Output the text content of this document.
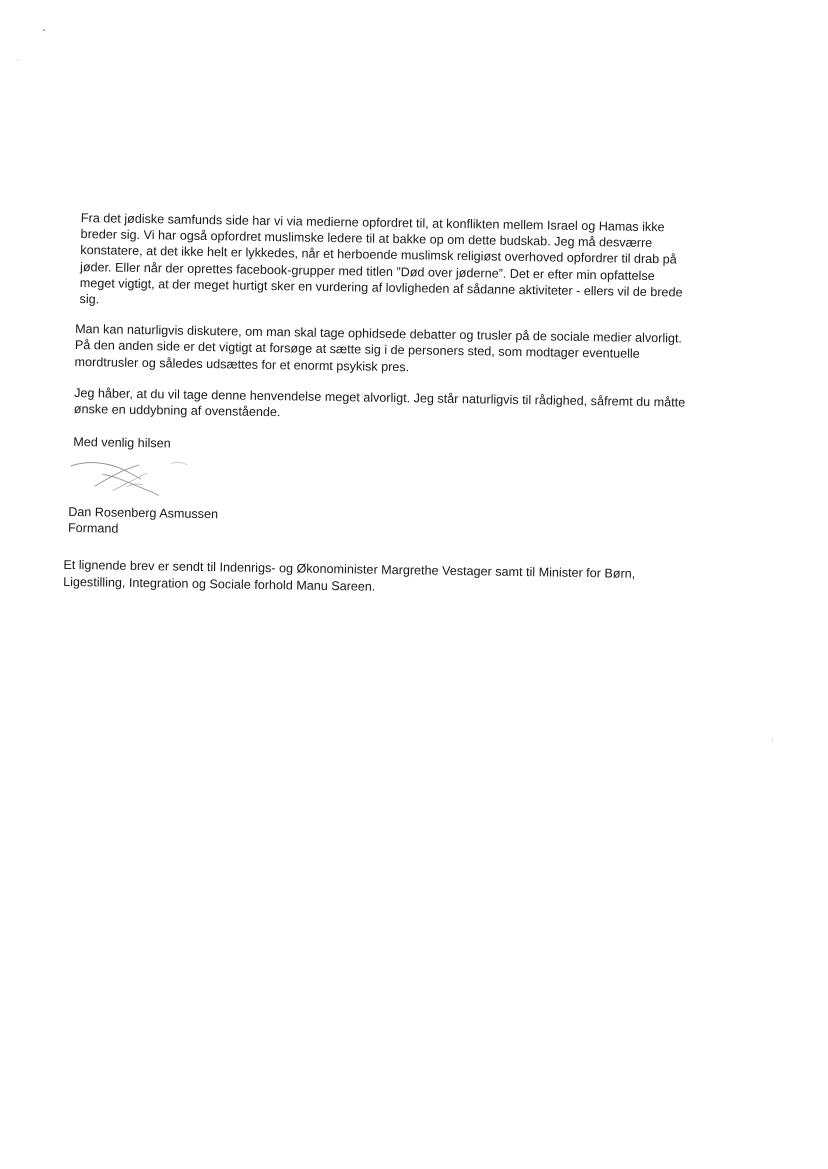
Fra det jødiske samfunds side har vi via medierne opfordret til, at konflikten mellem Israel og Hamas ikke
breder sig. Vi har også opfordret muslimske ledere til at bakke op om dette budskab. Jeg må desværre
konstatere, at det ikke helt er lykkedes, når et herboende muslimsk religiøst overhoved opfordrer til drab på
jøder. Eller når der oprettes facebook-grupper med titlen ”Død over jøderne”. Det er efter min opfattelse
meget vigtigt, at der meget hurtigt sker en vurdering af lovligheden af sådanne aktiviteter - ellers vil de brede
sig.

Man kan naturligvis diskutere, om man skal tage ophidsede debatter og trusler på de sociale medier alvorligt.
På den anden side er det vigtigt at forsøge at sætte sig i de personers sted, som modtager eventuelle
mordtrusler og således udsættes for et enormt psykisk pres.

Jeg håber, at du vil tage denne henvendelse meget alvorligt. Jeg står naturligvis til rådighed, såfremt du måtte
ønske en uddybning af ovenstående.

Med venlig hilsen

Dan Rosenberg Asmussen

Formand

Et lignende brev er sendt til Indenrigs- og Økonominister Margrethe Vestager samt til Minister for Børn,
Ligestilling, Integration og Sociale forhold Manu Sareen.
